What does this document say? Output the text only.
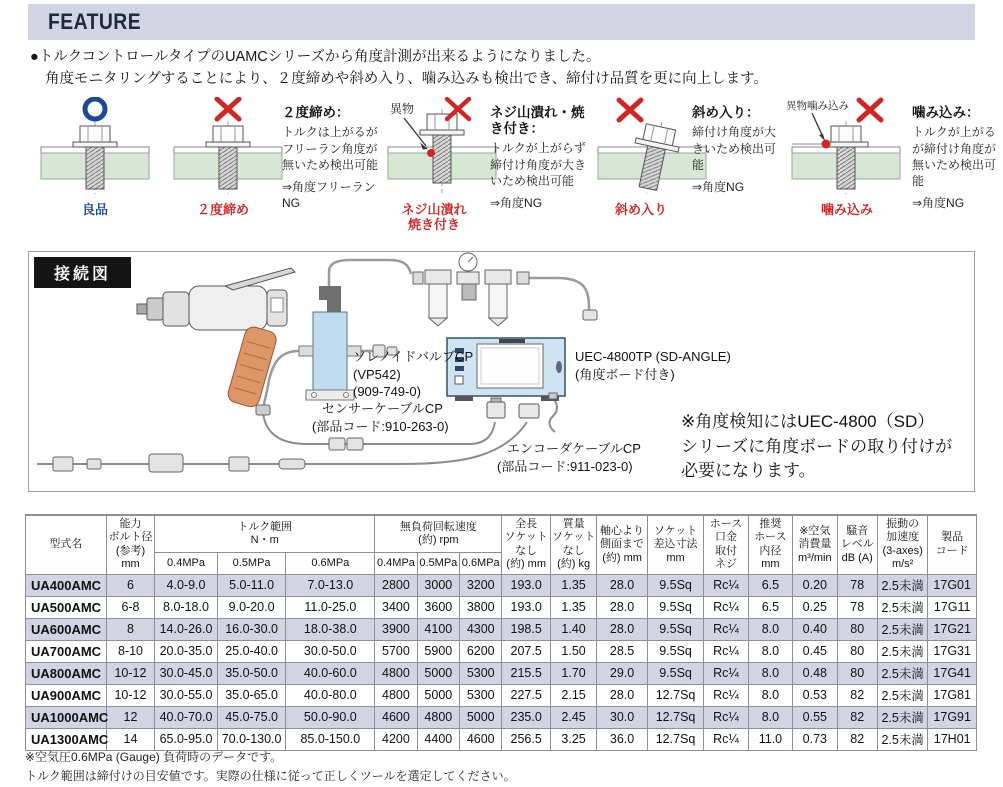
FEATURE
●トルクコントロールタイプのUAMCシリーズから角度計測が出来るようになりました。
角度モニタリングすることにより、２度締めや斜め入り、噛み込みも検出でき、締付け品質を更に向上します。
良品	２度締め
２度締め：
トルクは上がるがフリーラン角度が無いため検出可能
⇒角度フリーランNG
異物
ネジ山潰れ
焼き付き
ネジ山潰れ・焼き付き：
トルクが上がらず締付け角度が大きいため検出可能
⇒角度NG	斜め入り
斜め入り：
締付け角度が大きいため検出可能
⇒角度NG
異物噛み込み
噛み込み
噛み込み：
トルクが上がるが締付け角度が無いため検出可能
⇒角度NG
接続図
ソレノイドバルブCP
(VP542)
(909-749-0)
センサーケーブルCP
(部品コード:910-263-0)
UEC-4800TP (SD-ANGLE)
(角度ボード付き)
エンコーダケーブルCP
(部品コード:911-023-0)
※角度検知にはUEC-4800（SD）
シリーズに角度ボードの取り付けが
必要になります。
型式名	能力
ボルト径
(参考)
mm	トルク範囲
N・m			無負荷回転速度
(約) rpm			全長
ソケット
なし
(約) mm	質量
ソケット
なし
(約) kg	軸心より
側面まで
(約) mm	ソケット
差込寸法
mm	ホース
口金
取付
ネジ	推奨
ホース
内径
mm	※空気
消費量
m³/min	騒音
レベル
dB (A)	振動の
加速度
(3-axes)
m/s²	製品
コード
		0.4MPa	0.5MPa	0.6MPa	0.4MPa	0.5MPa	0.6MPa										
UA400AMC	6	4.0-9.0	5.0-11.0	7.0-13.0	2800	3000	3200	193.0	1.35	28.0	9.5Sq	Rc¼	6.5	0.20	78	2.5未満	17G01
UA500AMC	6-8	8.0-18.0	9.0-20.0	11.0-25.0	3400	3600	3800	193.0	1.35	28.0	9.5Sq	Rc¼	6.5	0.25	78	2.5未満	17G11
UA600AMC	8	14.0-26.0	16.0-30.0	18.0-38.0	3900	4100	4300	198.5	1.40	28.0	9.5Sq	Rc¼	8.0	0.40	80	2.5未満	17G21
UA700AMC	8-10	20.0-35.0	25.0-40.0	30.0-50.0	5700	5900	6200	207.5	1.50	28.5	9.5Sq	Rc¼	8.0	0.45	80	2.5未満	17G31
UA800AMC	10-12	30.0-45.0	35.0-50.0	40.0-60.0	4800	5000	5300	215.5	1.70	29.0	9.5Sq	Rc¼	8.0	0.48	80	2.5未満	17G41
UA900AMC	10-12	30.0-55.0	35.0-65.0	40.0-80.0	4800	5000	5300	227.5	2.15	28.0	12.7Sq	Rc¼	8.0	0.53	82	2.5未満	17G81
UA1000AMC	12	40.0-70.0	45.0-75.0	50.0-90.0	4600	4800	5000	235.0	2.45	30.0	12.7Sq	Rc¼	8.0	0.55	82	2.5未満	17G91
UA1300AMC	14	65.0-95.0	70.0-130.0	85.0-150.0	4200	4400	4600	256.5	3.25	36.0	12.7Sq	Rc¼	11.0	0.73	82	2.5未満	17H01
※空気圧0.6MPa (Gauge) 負荷時のデータです。
トルク範囲は締付けの目安値です。実際の仕様に従って正しくツールを選定してください。
